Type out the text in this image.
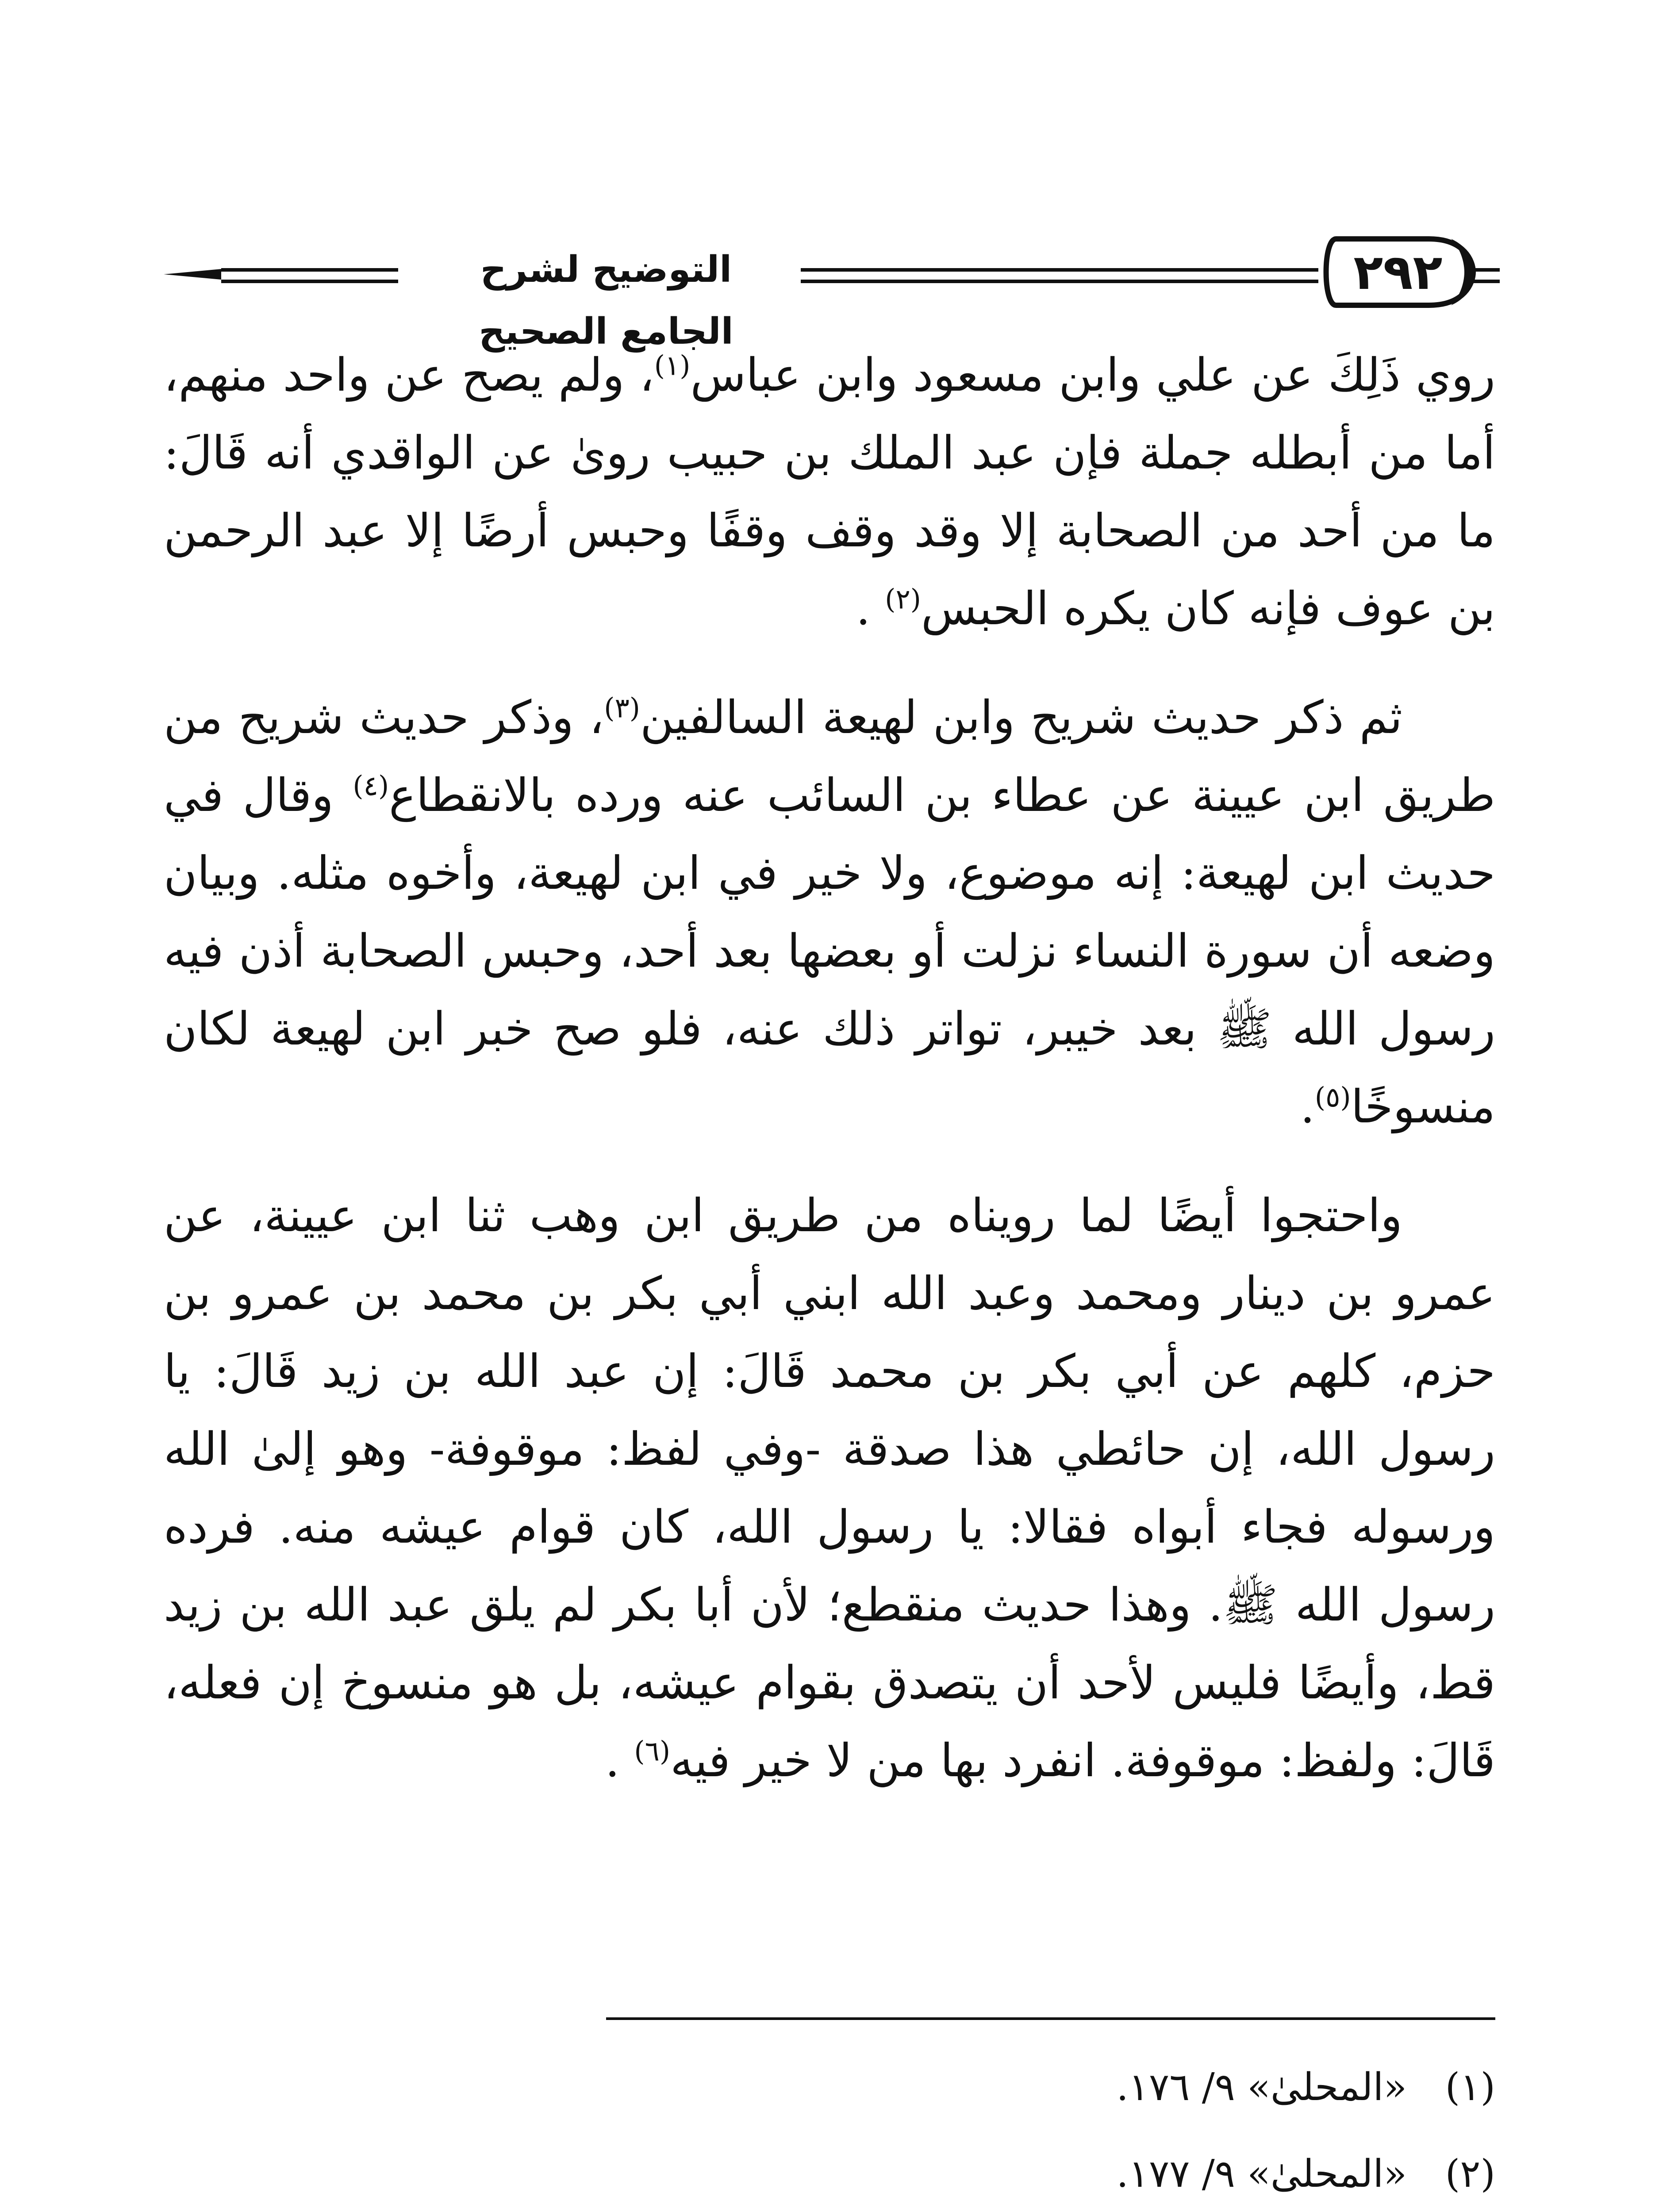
التوضيح لشرح الجامع الصحيح
٢٩٢

روي ذَلِكَ عن علي وابن مسعود وابن عباس$^{(١)}$، ولم يصح عن واحد منهم، أما من أبطله جملة فإن عبد الملك بن حبيب روىٰ عن الواقدي أنه قَالَ: ما من أحد من الصحابة إلا وقد وقف وقفًا وحبس أرضًا إلا عبد الرحمن بن عوف فإنه كان يكره الحبس$^{(٢)}$ .

ثم ذكر حديث شريح وابن لهيعة السالفين$^{(٣)}$، وذكر حديث شريح من طريق ابن عيينة عن عطاء بن السائب عنه ورده بالانقطاع$^{(٤)}$ وقال في حديث ابن لهيعة: إنه موضوع، ولا خير في ابن لهيعة، وأخوه مثله. وبيان وضعه أن سورة النساء نزلت أو بعضها بعد أحد، وحبس الصحابة أذن فيه رسول الله ﷺ بعد خيبر، تواتر ذلك عنه، فلو صح خبر ابن لهيعة لكان منسوخًا$^{(٥)}$.

واحتجوا أيضًا لما رويناه من طريق ابن وهب ثنا ابن عيينة، عن عمرو بن دينار ومحمد وعبد الله ابني أبي بكر بن محمد بن عمرو بن حزم، كلهم عن أبي بكر بن محمد قَالَ: إن عبد الله بن زيد قَالَ: يا رسول الله، إن حائطي هذا صدقة -وفي لفظ: موقوفة- وهو إلىٰ الله ورسوله فجاء أبواه فقالا: يا رسول الله، كان قوام عيشه منه. فرده رسول الله ﷺ. وهذا حديث منقطع؛ لأن أبا بكر لم يلق عبد الله بن زيد قط، وأيضًا فليس لأحد أن يتصدق بقوام عيشه، بل هو منسوخ إن فعله، قَالَ: ولفظ: موقوفة. انفرد بها من لا خير فيه$^{(٦)}$ .

(١)
«المحلىٰ» ٩/ ١٧٦.
(٢)
«المحلىٰ» ٩/ ١٧٧.
